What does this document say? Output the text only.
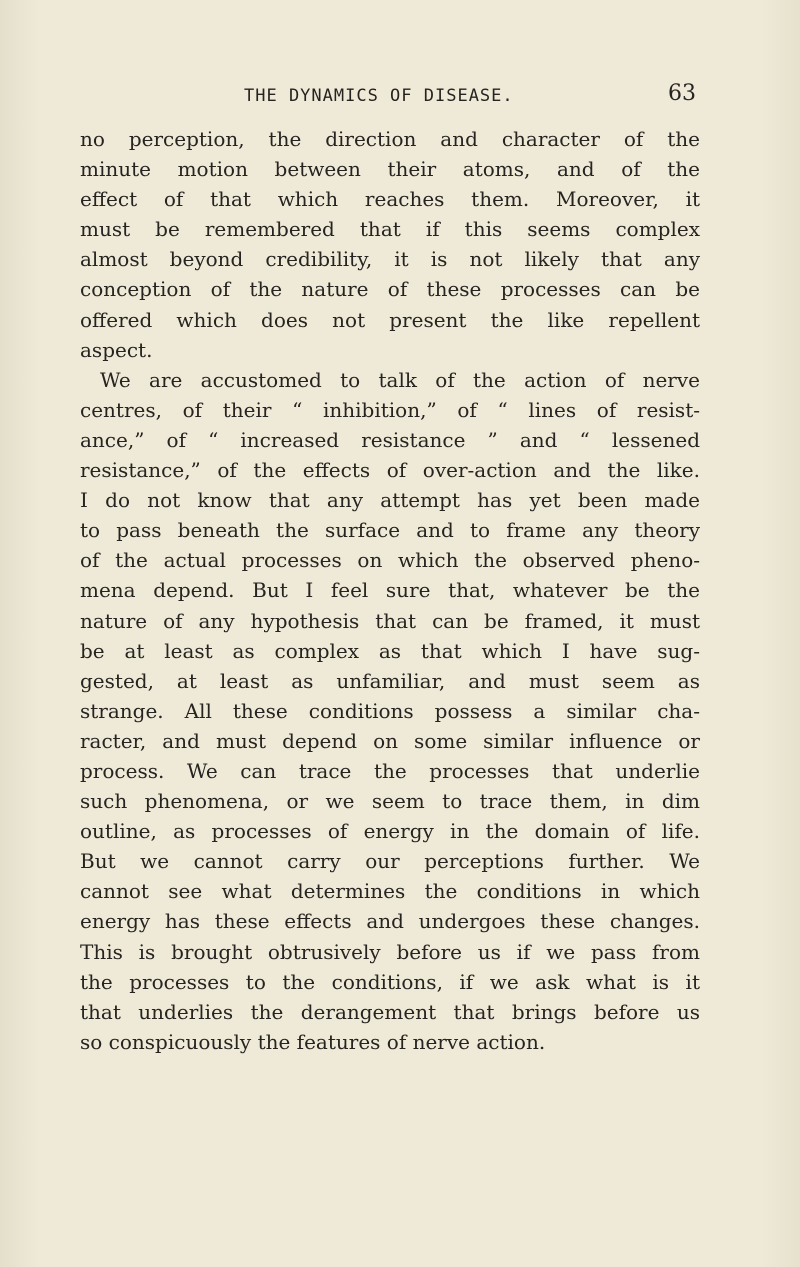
THE DYNAMICS OF DISEASE.	63
no perception, the direction and character of the
minute motion between their atoms, and of the
effect of that which reaches them. Moreover, it
must be remembered that if this seems complex
almost beyond credibility, it is not likely that any
conception of the nature of these processes can be
offered which does not present the like repellent
aspect.
We are accustomed to talk of the action of nerve
centres, of their “ inhibition,” of “ lines of resist-
ance,” of “ increased resistance ” and “ lessened
resistance,” of the effects of over-action and the like.
I do not know that any attempt has yet been made
to pass beneath the surface and to frame any theory
of the actual processes on which the observed pheno-
mena depend. But I feel sure that, whatever be the
nature of any hypothesis that can be framed, it must
be at least as complex as that which I have sug-
gested, at least as unfamiliar, and must seem as
strange. All these conditions possess a similar cha-
racter, and must depend on some similar influence or
process. We can trace the processes that underlie
such phenomena, or we seem to trace them, in dim
outline, as processes of energy in the domain of life.
But we cannot carry our perceptions further. We
cannot see what determines the conditions in which
energy has these effects and undergoes these changes.
This is brought obtrusively before us if we pass from
the processes to the conditions, if we ask what is it
that underlies the derangement that brings before us
so conspicuously the features of nerve action.
